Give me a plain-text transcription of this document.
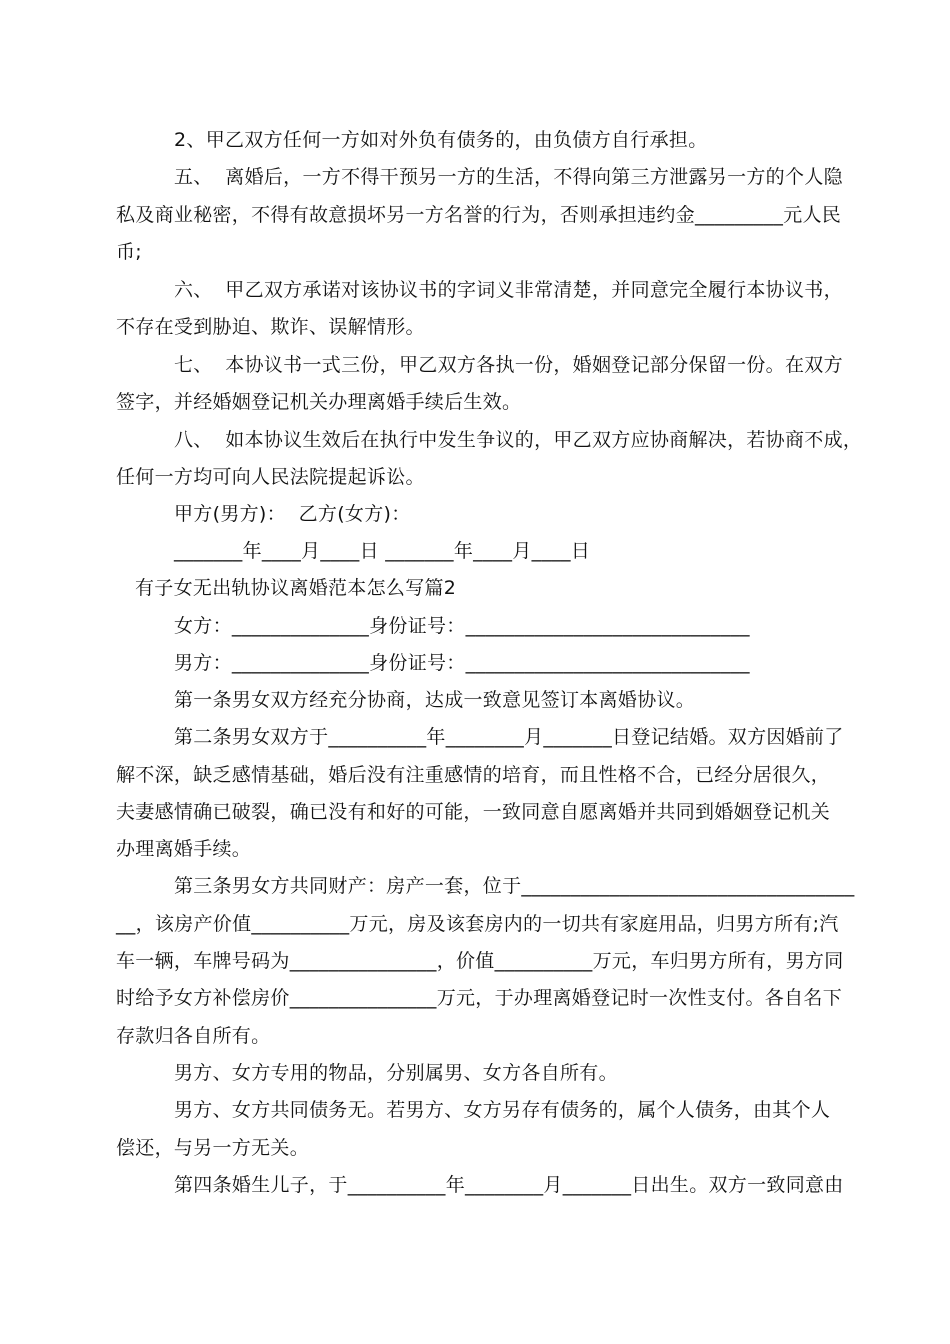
2、甲乙双方任何一方如对外负有债务的，由负债方自行承担。
五、  离婚后，一方不得干预另一方的生活，不得向第三方泄露另一方的个人隐
私及商业秘密，不得有故意损坏另一方名誉的行为，否则承担违约金_________元人民
币;
六、  甲乙双方承诺对该协议书的字词义非常清楚，并同意完全履行本协议书，
不存在受到胁迫、欺诈、误解情形。
七、  本协议书一式三份，甲乙双方各执一份，婚姻登记部分保留一份。在双方
签字，并经婚姻登记机关办理离婚手续后生效。
八、  如本协议生效后在执行中发生争议的，甲乙双方应协商解决，若协商不成，
任何一方均可向人民法院提起诉讼。
甲方(男方)：  乙方(女方)：
_______年____月____日 _______年____月____日
有子女无出轨协议离婚范本怎么写篇2
女方：______________身份证号：_____________________________
男方：______________身份证号：_____________________________
第一条男女双方经充分协商，达成一致意见签订本离婚协议。
第二条男女双方于__________年________月_______日登记结婚。双方因婚前了
解不深，缺乏感情基础，婚后没有注重感情的培育，而且性格不合，已经分居很久，
夫妻感情确已破裂，确已没有和好的可能，一致同意自愿离婚并共同到婚姻登记机关
办理离婚手续。
第三条男女方共同财产：房产一套，位于__________________________________
__，该房产价值__________万元，房及该套房内的一切共有家庭用品，归男方所有;汽
车一辆，车牌号码为_______________，价值__________万元，车归男方所有，男方同
时给予女方补偿房价_______________万元，于办理离婚登记时一次性支付。各自名下
存款归各自所有。
男方、女方专用的物品，分别属男、女方各自所有。
男方、女方共同债务无。若男方、女方另存有债务的，属个人债务，由其个人
偿还，与另一方无关。
第四条婚生儿子，于__________年________月_______日出生。双方一致同意由
